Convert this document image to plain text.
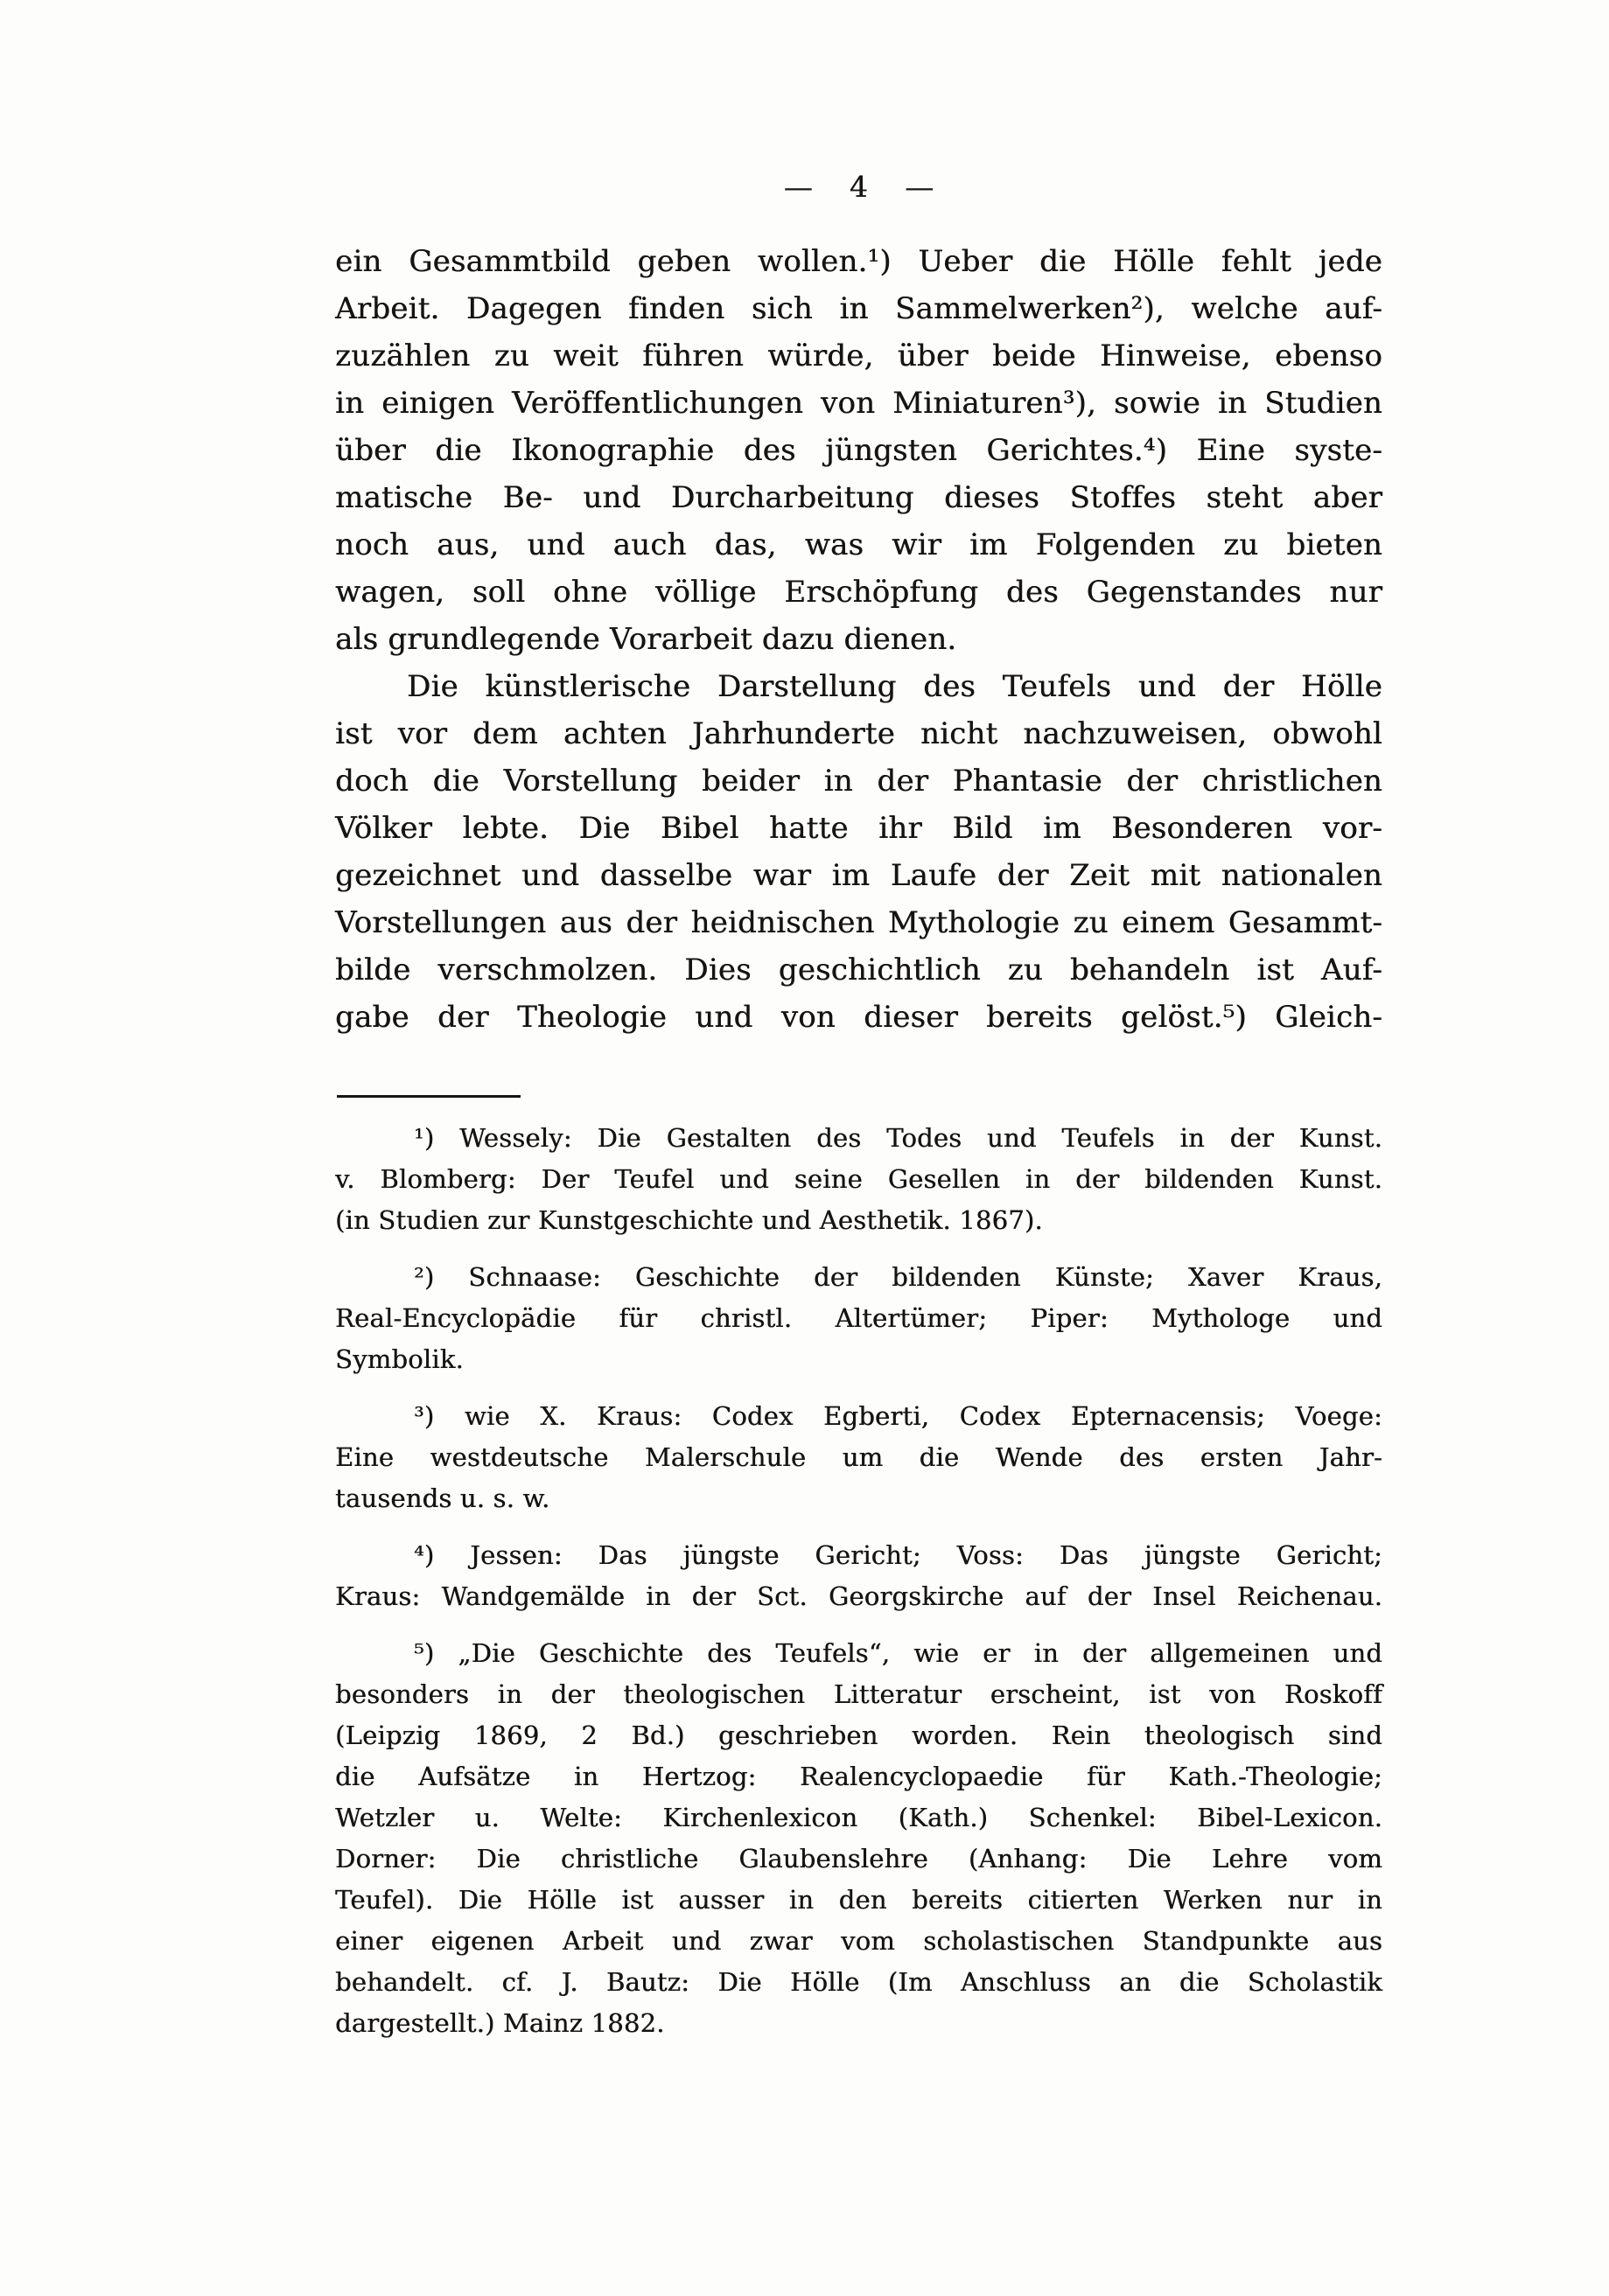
— 4 —
ein Gesammtbild geben wollen.¹) Ueber die Hölle fehlt jede
Arbeit. Dagegen finden sich in Sammelwerken²), welche auf-
zuzählen zu weit führen würde, über beide Hinweise, ebenso
in einigen Veröffentlichungen von Miniaturen³), sowie in Studien
über die Ikonographie des jüngsten Gerichtes.⁴) Eine syste-
matische Be- und Durcharbeitung dieses Stoffes steht aber
noch aus, und auch das, was wir im Folgenden zu bieten
wagen, soll ohne völlige Erschöpfung des Gegenstandes nur
als grundlegende Vorarbeit dazu dienen.
Die künstlerische Darstellung des Teufels und der Hölle
ist vor dem achten Jahrhunderte nicht nachzuweisen, obwohl
doch die Vorstellung beider in der Phantasie der christlichen
Völker lebte. Die Bibel hatte ihr Bild im Besonderen vor-
gezeichnet und dasselbe war im Laufe der Zeit mit nationalen
Vorstellungen aus der heidnischen Mythologie zu einem Gesammt-
bilde verschmolzen. Dies geschichtlich zu behandeln ist Auf-
gabe der Theologie und von dieser bereits gelöst.⁵) Gleich-
¹) Wessely: Die Gestalten des Todes und Teufels in der Kunst.
v. Blomberg: Der Teufel und seine Gesellen in der bildenden Kunst.
(in Studien zur Kunstgeschichte und Aesthetik. 1867).
²) Schnaase: Geschichte der bildenden Künste; Xaver Kraus,
Real-Encyclopädie für christl. Altertümer; Piper: Mythologe und
Symbolik.
³) wie X. Kraus: Codex Egberti, Codex Epternacensis; Voege:
Eine westdeutsche Malerschule um die Wende des ersten Jahr-
tausends u. s. w.
⁴) Jessen: Das jüngste Gericht; Voss: Das jüngste Gericht;
Kraus: Wandgemälde in der Sct. Georgskirche auf der Insel Reichenau.
⁵) „Die Geschichte des Teufels“, wie er in der allgemeinen und
besonders in der theologischen Litteratur erscheint, ist von Roskoff
(Leipzig 1869, 2 Bd.) geschrieben worden. Rein theologisch sind
die Aufsätze in Hertzog: Realencyclopaedie für Kath.-Theologie;
Wetzler u. Welte: Kirchenlexicon (Kath.) Schenkel: Bibel-Lexicon.
Dorner: Die christliche Glaubenslehre (Anhang: Die Lehre vom
Teufel). Die Hölle ist ausser in den bereits citierten Werken nur in
einer eigenen Arbeit und zwar vom scholastischen Standpunkte aus
behandelt. cf. J. Bautz: Die Hölle (Im Anschluss an die Scholastik
dargestellt.) Mainz 1882.
